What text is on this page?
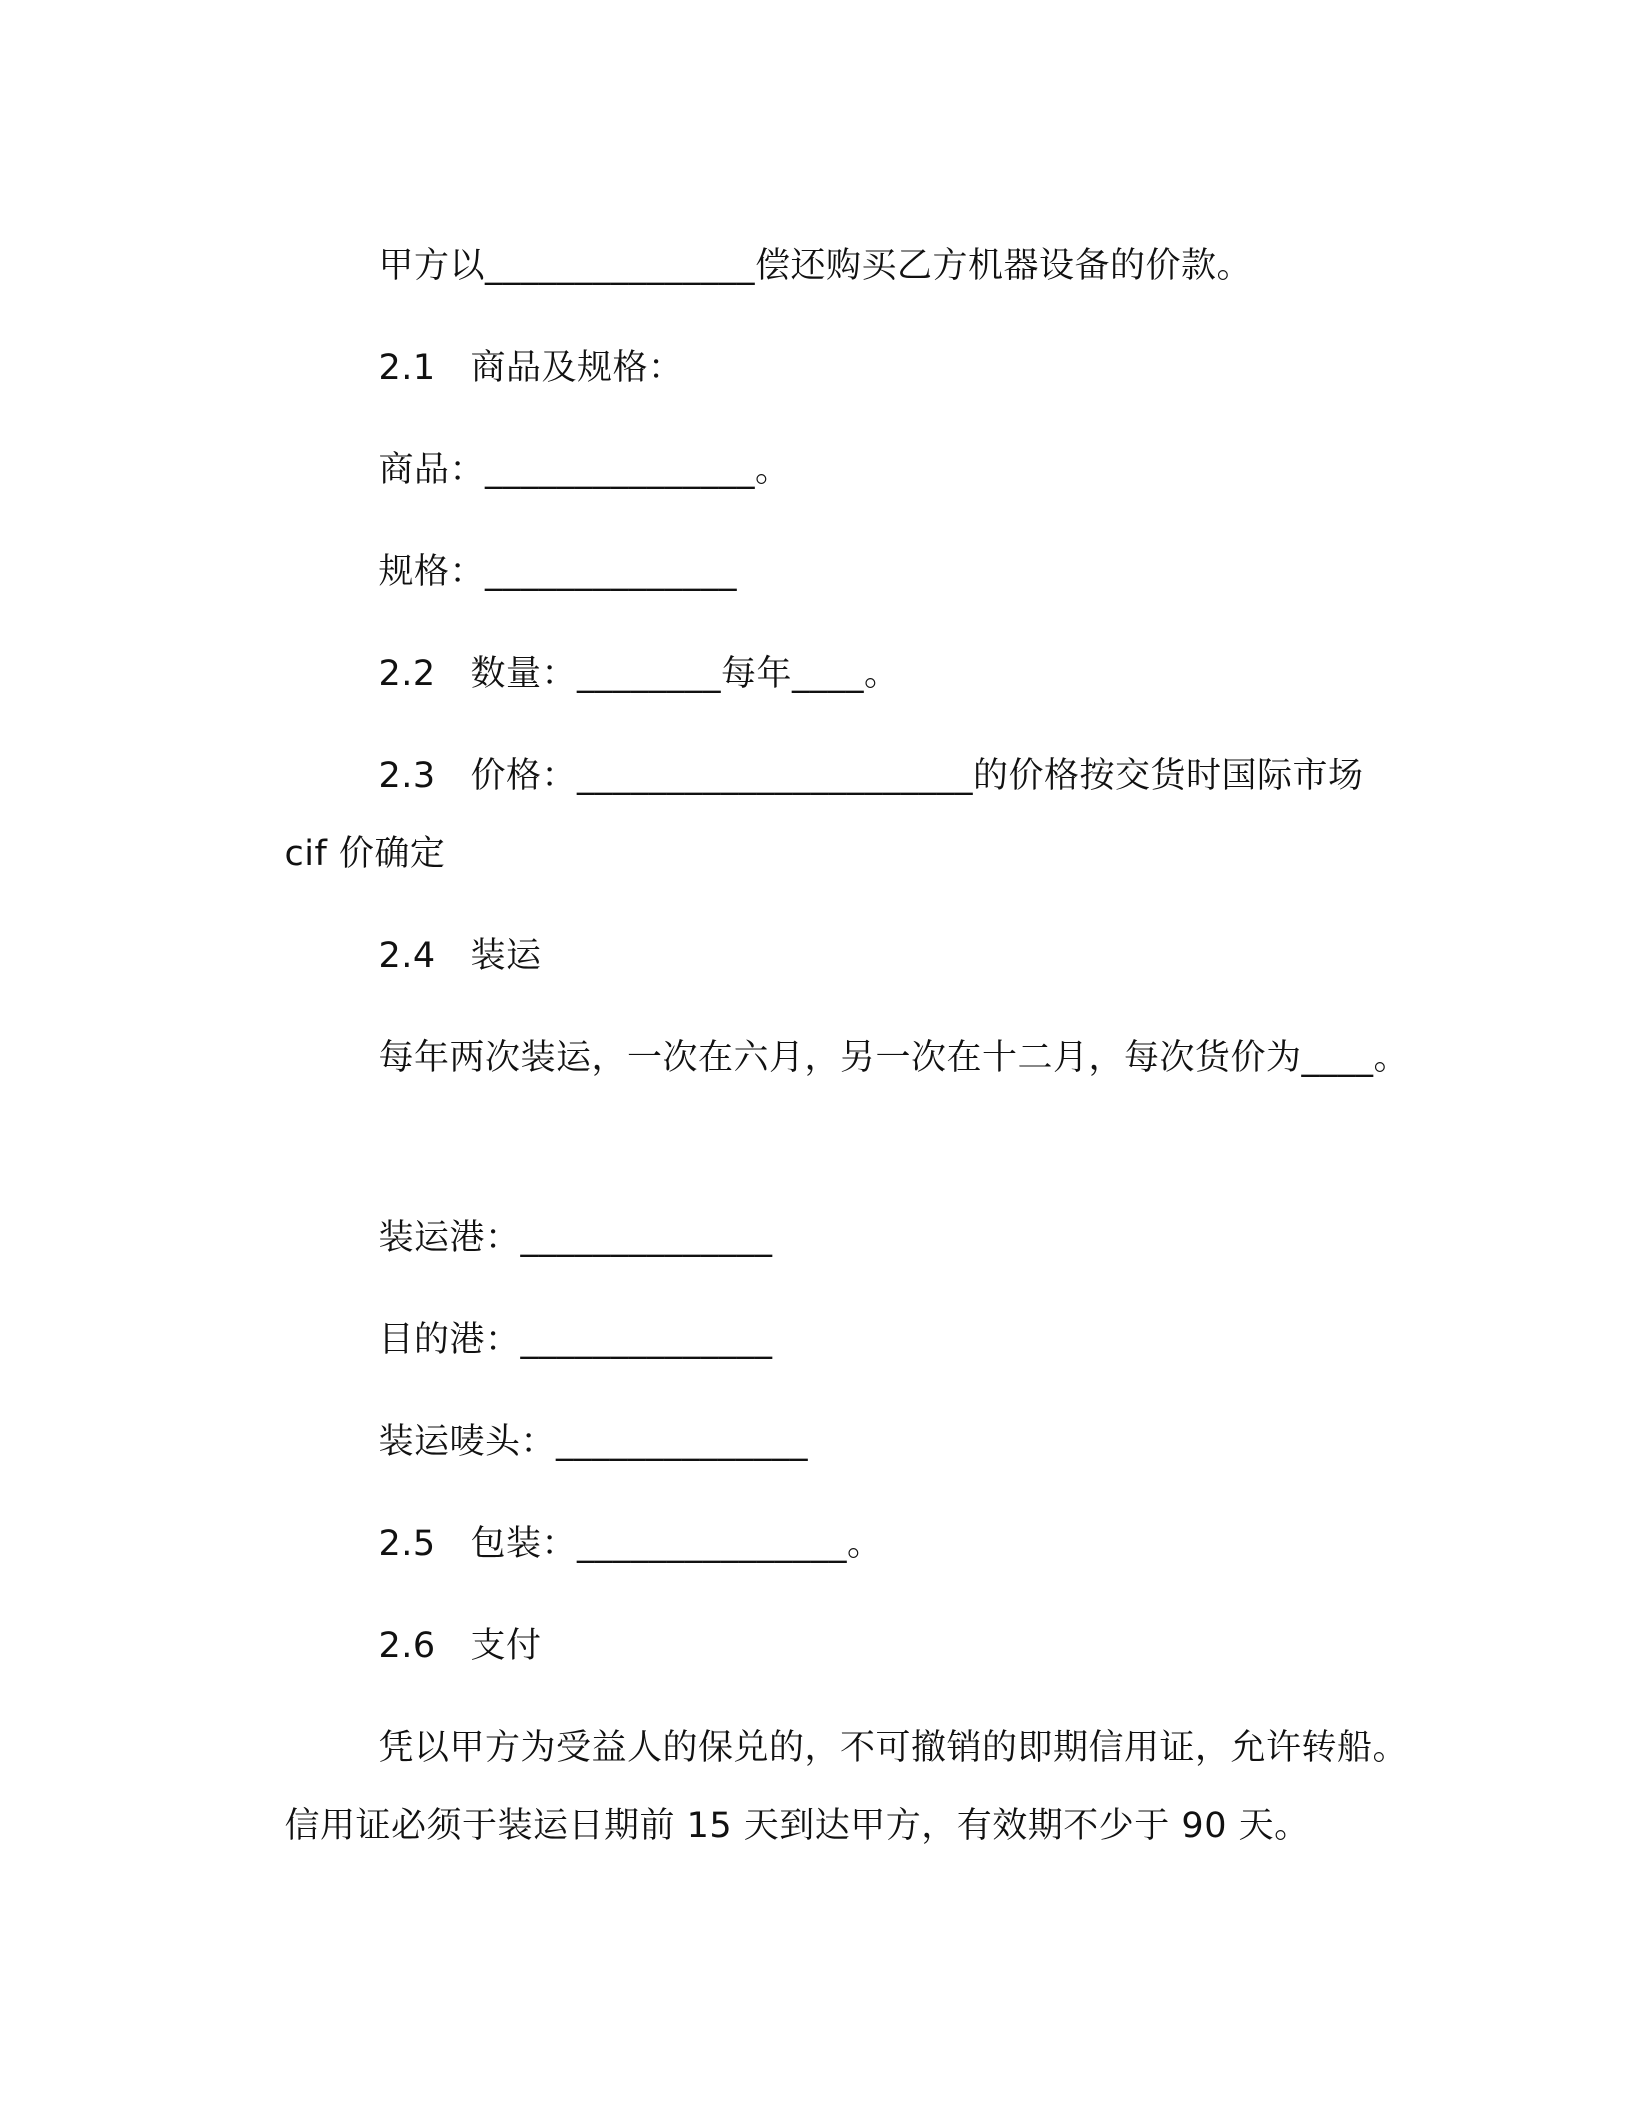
甲方以_______________偿还购买乙方机器设备的价款。

2.1 商品及规格：

商品：_______________。

规格：______________

2.2 数量：________每年____。

2.3 价格：______________________的价格按交货时国际市场

cif 价确定

2.4 装运

每年两次装运，一次在六月，另一次在十二月，每次货价为____。

装运港：______________

目的港：______________

装运唛头：______________

2.5 包装：_______________。

2.6 支付

凭以甲方为受益人的保兑的，不可撤销的即期信用证，允许转船。

信用证必须于装运日期前 15 天到达甲方，有效期不少于 90 天。
